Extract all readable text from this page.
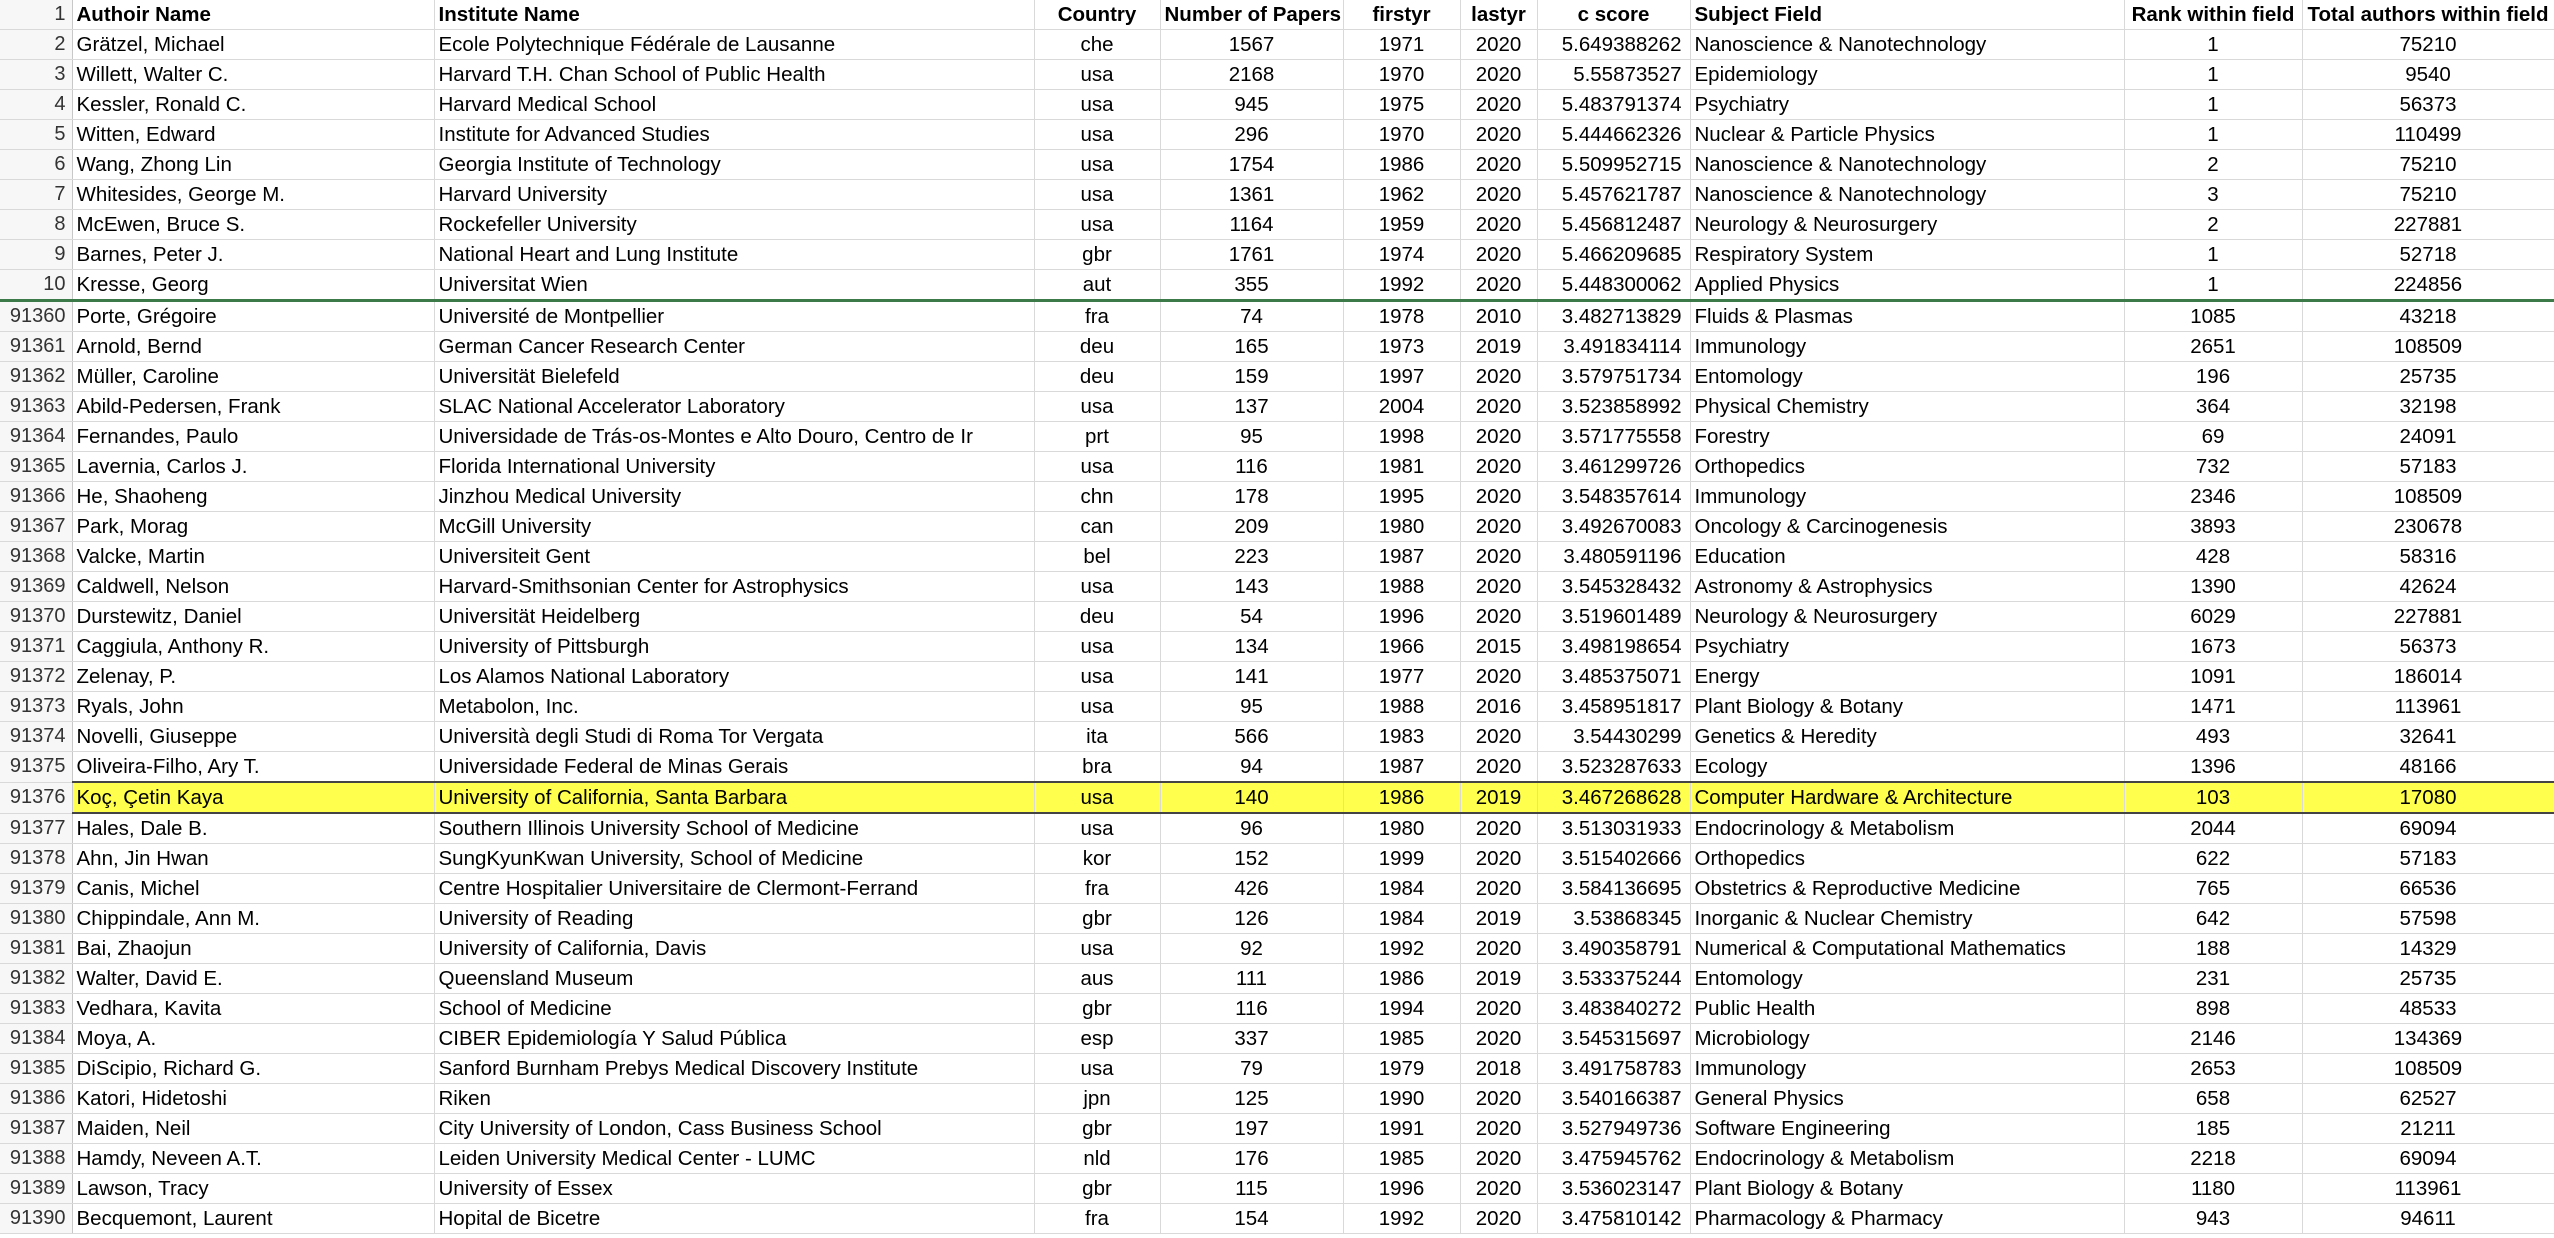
1	Authoir Name	Institute Name	Country	Number of Papers	firstyr	lastyr	c score	Subject Field	Rank within field	Total authors within field
2	Grätzel, Michael	Ecole Polytechnique Fédérale de Lausanne	che	1567	1971	2020	5.649388262	Nanoscience & Nanotechnology	1	75210
3	Willett, Walter C.	Harvard T.H. Chan School of Public Health	usa	2168	1970	2020	5.55873527	Epidemiology	1	9540
4	Kessler, Ronald C.	Harvard Medical School	usa	945	1975	2020	5.483791374	Psychiatry	1	56373
5	Witten, Edward	Institute for Advanced Studies	usa	296	1970	2020	5.444662326	Nuclear & Particle Physics	1	110499
6	Wang, Zhong Lin	Georgia Institute of Technology	usa	1754	1986	2020	5.509952715	Nanoscience & Nanotechnology	2	75210
7	Whitesides, George M.	Harvard University	usa	1361	1962	2020	5.457621787	Nanoscience & Nanotechnology	3	75210
8	McEwen, Bruce S.	Rockefeller University	usa	1164	1959	2020	5.456812487	Neurology & Neurosurgery	2	227881
9	Barnes, Peter J.	National Heart and Lung Institute	gbr	1761	1974	2020	5.466209685	Respiratory System	1	52718
10	Kresse, Georg	Universitat Wien	aut	355	1992	2020	5.448300062	Applied Physics	1	224856
91360	Porte, Grégoire	Université de Montpellier	fra	74	1978	2010	3.482713829	Fluids & Plasmas	1085	43218
91361	Arnold, Bernd	German Cancer Research Center	deu	165	1973	2019	3.491834114	Immunology	2651	108509
91362	Müller, Caroline	Universität Bielefeld	deu	159	1997	2020	3.579751734	Entomology	196	25735
91363	Abild-Pedersen, Frank	SLAC National Accelerator Laboratory	usa	137	2004	2020	3.523858992	Physical Chemistry	364	32198
91364	Fernandes, Paulo	Universidade de Trás-os-Montes e Alto Douro, Centro de Ir	prt	95	1998	2020	3.571775558	Forestry	69	24091
91365	Lavernia, Carlos J.	Florida International University	usa	116	1981	2020	3.461299726	Orthopedics	732	57183
91366	He, Shaoheng	Jinzhou Medical University	chn	178	1995	2020	3.548357614	Immunology	2346	108509
91367	Park, Morag	McGill University	can	209	1980	2020	3.492670083	Oncology & Carcinogenesis	3893	230678
91368	Valcke, Martin	Universiteit Gent	bel	223	1987	2020	3.480591196	Education	428	58316
91369	Caldwell, Nelson	Harvard-Smithsonian Center for Astrophysics	usa	143	1988	2020	3.545328432	Astronomy & Astrophysics	1390	42624
91370	Durstewitz, Daniel	Universität Heidelberg	deu	54	1996	2020	3.519601489	Neurology & Neurosurgery	6029	227881
91371	Caggiula, Anthony R.	University of Pittsburgh	usa	134	1966	2015	3.498198654	Psychiatry	1673	56373
91372	Zelenay, P.	Los Alamos National Laboratory	usa	141	1977	2020	3.485375071	Energy	1091	186014
91373	Ryals, John	Metabolon, Inc.	usa	95	1988	2016	3.458951817	Plant Biology & Botany	1471	113961
91374	Novelli, Giuseppe	Università degli Studi di Roma Tor Vergata	ita	566	1983	2020	3.54430299	Genetics & Heredity	493	32641
91375	Oliveira-Filho, Ary T.	Universidade Federal de Minas Gerais	bra	94	1987	2020	3.523287633	Ecology	1396	48166
91376	Koç, Çetin Kaya	University of California, Santa Barbara	usa	140	1986	2019	3.467268628	Computer Hardware & Architecture	103	17080
91377	Hales, Dale B.	Southern Illinois University School of Medicine	usa	96	1980	2020	3.513031933	Endocrinology & Metabolism	2044	69094
91378	Ahn, Jin Hwan	SungKyunKwan University, School of Medicine	kor	152	1999	2020	3.515402666	Orthopedics	622	57183
91379	Canis, Michel	Centre Hospitalier Universitaire de Clermont-Ferrand	fra	426	1984	2020	3.584136695	Obstetrics & Reproductive Medicine	765	66536
91380	Chippindale, Ann M.	University of Reading	gbr	126	1984	2019	3.53868345	Inorganic & Nuclear Chemistry	642	57598
91381	Bai, Zhaojun	University of California, Davis	usa	92	1992	2020	3.490358791	Numerical & Computational Mathematics	188	14329
91382	Walter, David E.	Queensland Museum	aus	111	1986	2019	3.533375244	Entomology	231	25735
91383	Vedhara, Kavita	School of Medicine	gbr	116	1994	2020	3.483840272	Public Health	898	48533
91384	Moya, A.	CIBER Epidemiología Y Salud Pública	esp	337	1985	2020	3.545315697	Microbiology	2146	134369
91385	DiScipio, Richard G.	Sanford Burnham Prebys Medical Discovery Institute	usa	79	1979	2018	3.491758783	Immunology	2653	108509
91386	Katori, Hidetoshi	Riken	jpn	125	1990	2020	3.540166387	General Physics	658	62527
91387	Maiden, Neil	City University of London, Cass Business School	gbr	197	1991	2020	3.527949736	Software Engineering	185	21211
91388	Hamdy, Neveen A.T.	Leiden University Medical Center - LUMC	nld	176	1985	2020	3.475945762	Endocrinology & Metabolism	2218	69094
91389	Lawson, Tracy	University of Essex	gbr	115	1996	2020	3.536023147	Plant Biology & Botany	1180	113961
91390	Becquemont, Laurent	Hopital de Bicetre	fra	154	1992	2020	3.475810142	Pharmacology & Pharmacy	943	94611
